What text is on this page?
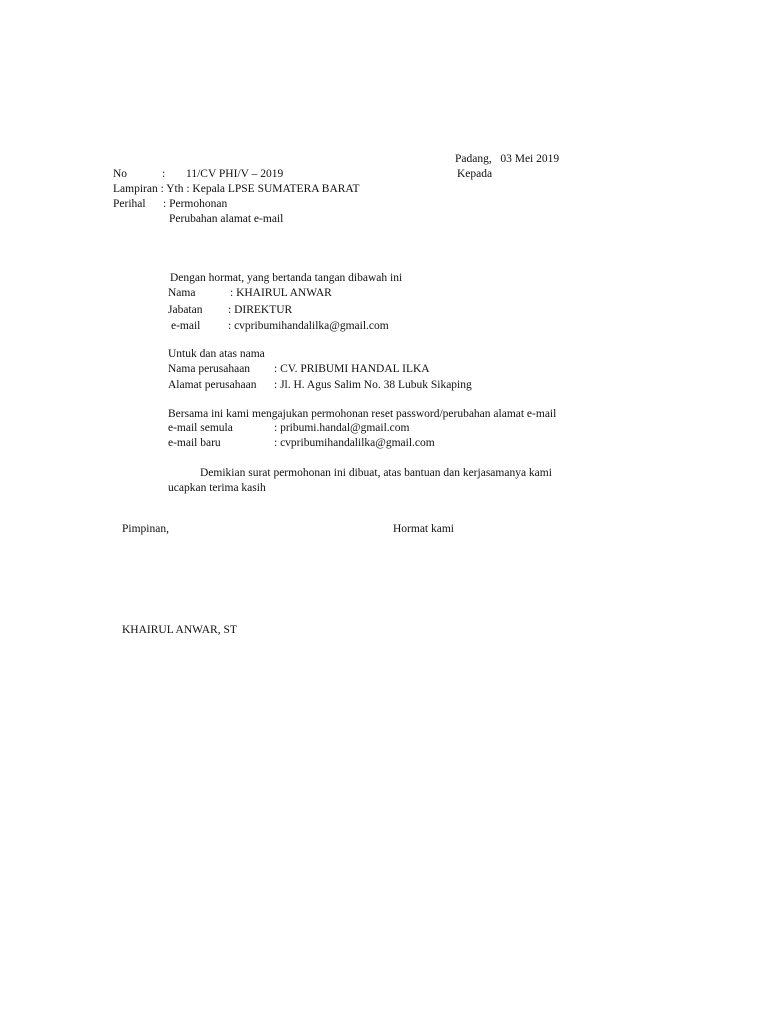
Padang,   03 Mei 2019
Kepada
No	: 11/CV PHI/V – 2019
Lampiran : Yth : Kepala LPSE SUMATERA BARAT
Perihal : Permohonan
Perubahan alamat e-mail
Dengan hormat, yang bertanda tangan dibawah ini
Nama	: KHAIRUL ANWAR
Jabatan : DIREKTUR
e-mail : cvpribumihandalilka@gmail.com
Untuk dan atas nama
Nama perusahaan : CV. PRIBUMI HANDAL ILKA
Alamat perusahaan : Jl. H. Agus Salim No. 38 Lubuk Sikaping
Bersama ini kami mengajukan permohonan reset password/perubahan alamat e-mail
e-mail semula	: pribumi.handal@gmail.com
e-mail baru	: cvpribumihandalilka@gmail.com
Demikian surat permohonan ini dibuat, atas bantuan dan kerjasamanya kami
ucapkan terima kasih
Pimpinan,	Hormat kami
KHAIRUL ANWAR, ST
